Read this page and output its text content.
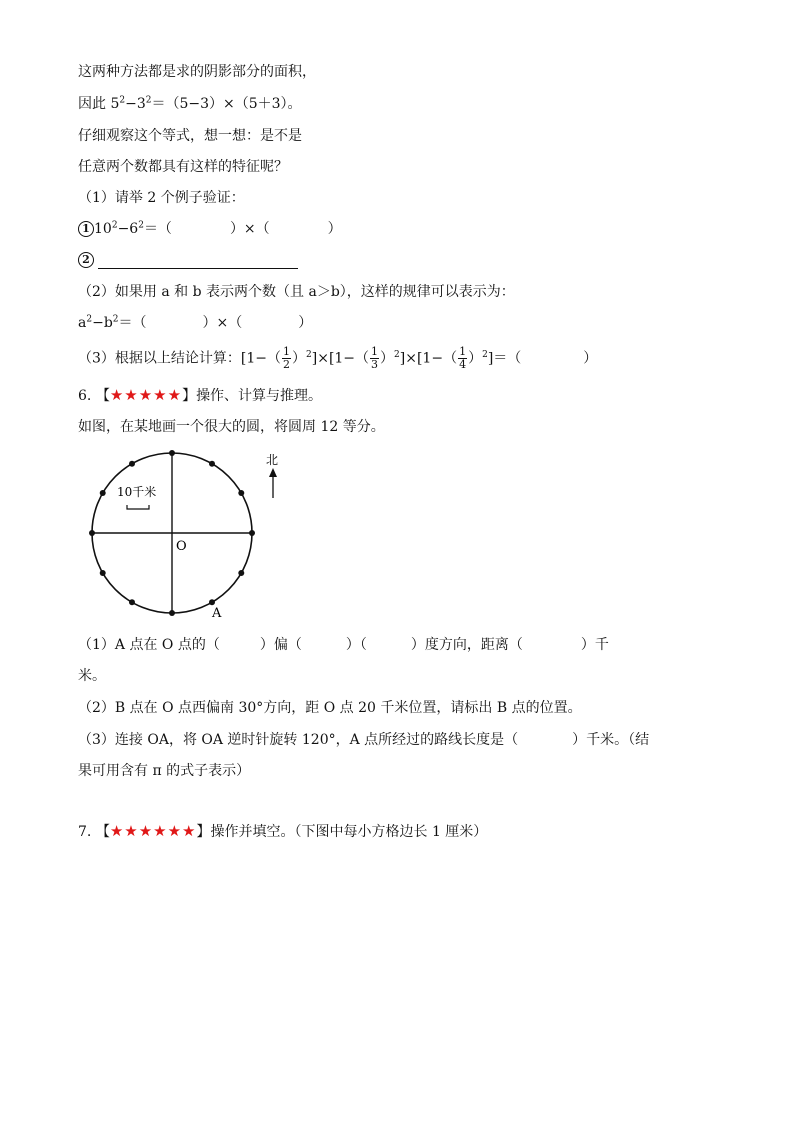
这两种方法都是求的阴影部分的面积，
因此 $5^2-3^2=(5-3)\times(5+3)$。
仔细观察这个等式，想一想：是不是
任意两个数都具有这样的特征呢？
（1）请举 2 个例子验证：
1 $10^2-6^2=$（	）×（	）
2
（2）如果用 a 和 b 表示两个数（且 a＞b），这样的规律可以表示为：
$a^2-b^2=$（	）×（	）
（3）根据以上结论计算：$[1-( \frac{1}{2} )^2]\times[1-( \frac{1}{3} )^2]\times[1-( \frac{1}{4} )^2]=$（	）
6. 【★★★★★】操作、计算与推理。
如图，在某地画一个很大的圆，将圆周 12 等分。
10千米
O
A
北
（1）A 点在 O 点的（	）偏（	）（	）度方向，距离（	）千
米。
（2）B 点在 O 点西偏南 30°方向，距 O 点 20 千米位置，请标出 B 点的位置。
（3）连接 OA，将 OA 逆时针旋转 120°，A 点所经过的路线长度是（	）千米。（结
果可用含有 π 的式子表示）
7. 【★★★★★★】操作并填空。（下图中每小方格边长 1 厘米）
